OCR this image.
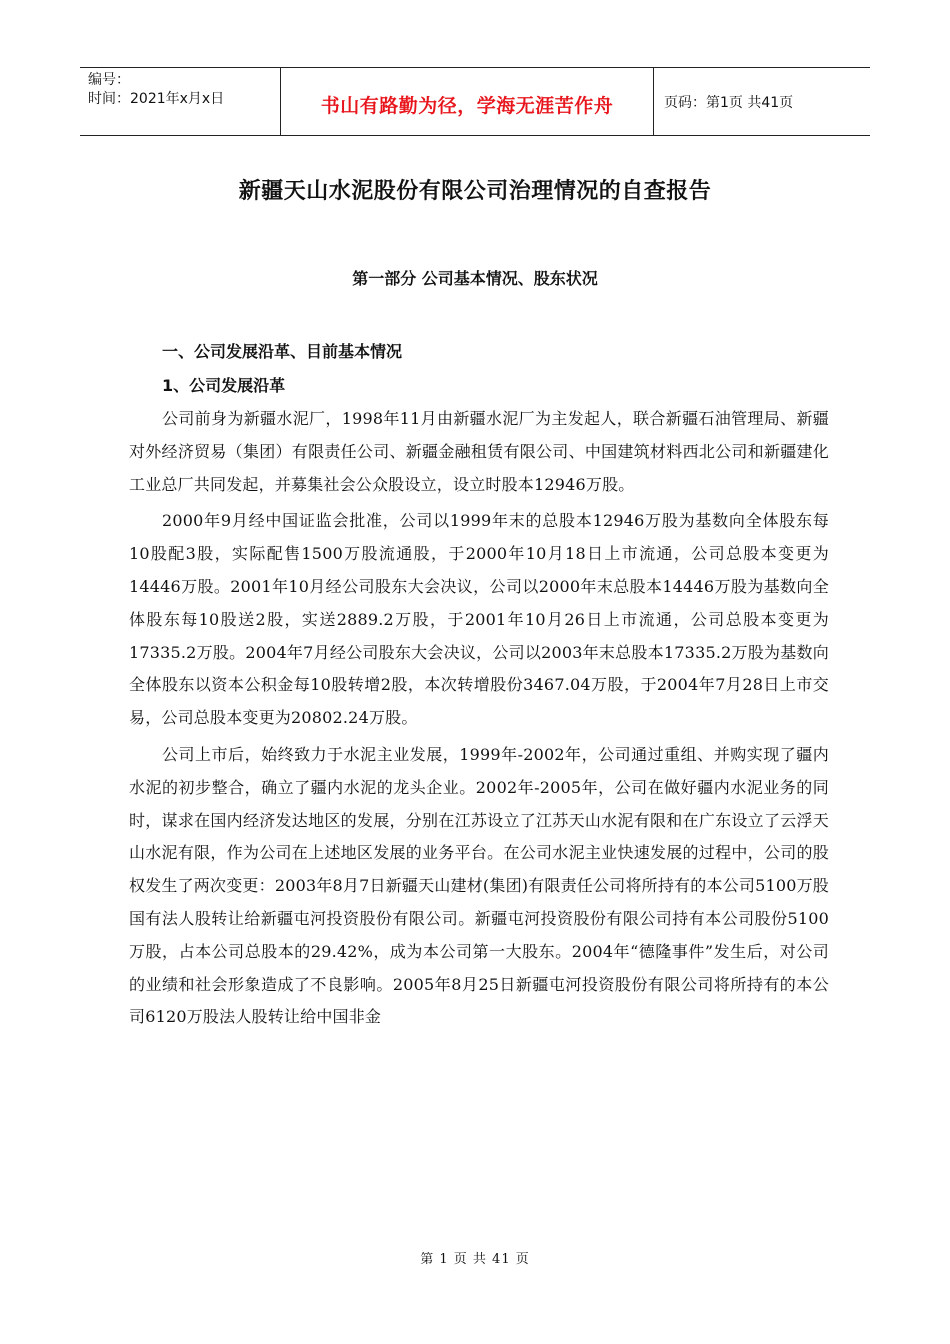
编号：
时间：2021年x月x日	书山有路勤为径，学海无涯苦作舟	页码：第1页 共41页
新疆天山水泥股份有限公司治理情况的自查报告
第一部分 公司基本情况、股东状况
一、公司发展沿革、目前基本情况
1、公司发展沿革

公司前身为新疆水泥厂，1998年11月由新疆水泥厂为主发起人，联合新疆石油管理局、新疆对外经济贸易（集团）有限责任公司、新疆金融租赁有限公司、中国建筑材料西北公司和新疆建化工业总厂共同发起，并募集社会公众股设立，设立时股本12946万股。

2000年9月经中国证监会批准，公司以1999年末的总股本12946万股为基数向全体股东每10股配3股，实际配售1500万股流通股，于2000年10月18日上市流通，公司总股本变更为14446万股。2001年10月经公司股东大会决议，公司以2000年末总股本14446万股为基数向全体股东每10股送2股，实送2889.2万股，于2001年10月26日上市流通，公司总股本变更为17335.2万股。2004年7月经公司股东大会决议，公司以2003年末总股本17335.2万股为基数向全体股东以资本公积金每10股转增2股，本次转增股份3467.04万股，于2004年7月28日上市交易，公司总股本变更为20802.24万股。

公司上市后，始终致力于水泥主业发展，1999年-2002年，公司通过重组、并购实现了疆内水泥的初步整合，确立了疆内水泥的龙头企业。2002年-2005年，公司在做好疆内水泥业务的同时，谋求在国内经济发达地区的发展，分别在江苏设立了江苏天山水泥有限和在广东设立了云浮天山水泥有限，作为公司在上述地区发展的业务平台。在公司水泥主业快速发展的过程中，公司的股权发生了两次变更：2003年8月7日新疆天山建材(集团)有限责任公司将所持有的本公司5100万股国有法人股转让给新疆屯河投资股份有限公司。新疆屯河投资股份有限公司持有本公司股份5100万股，占本公司总股本的29.42%，成为本公司第一大股东。2004年“德隆事件”发生后，对公司的业绩和社会形象造成了不良影响。2005年8月25日新疆屯河投资股份有限公司将所持有的本公司6120万股法人股转让给中国非金

第 1 页 共 41 页
